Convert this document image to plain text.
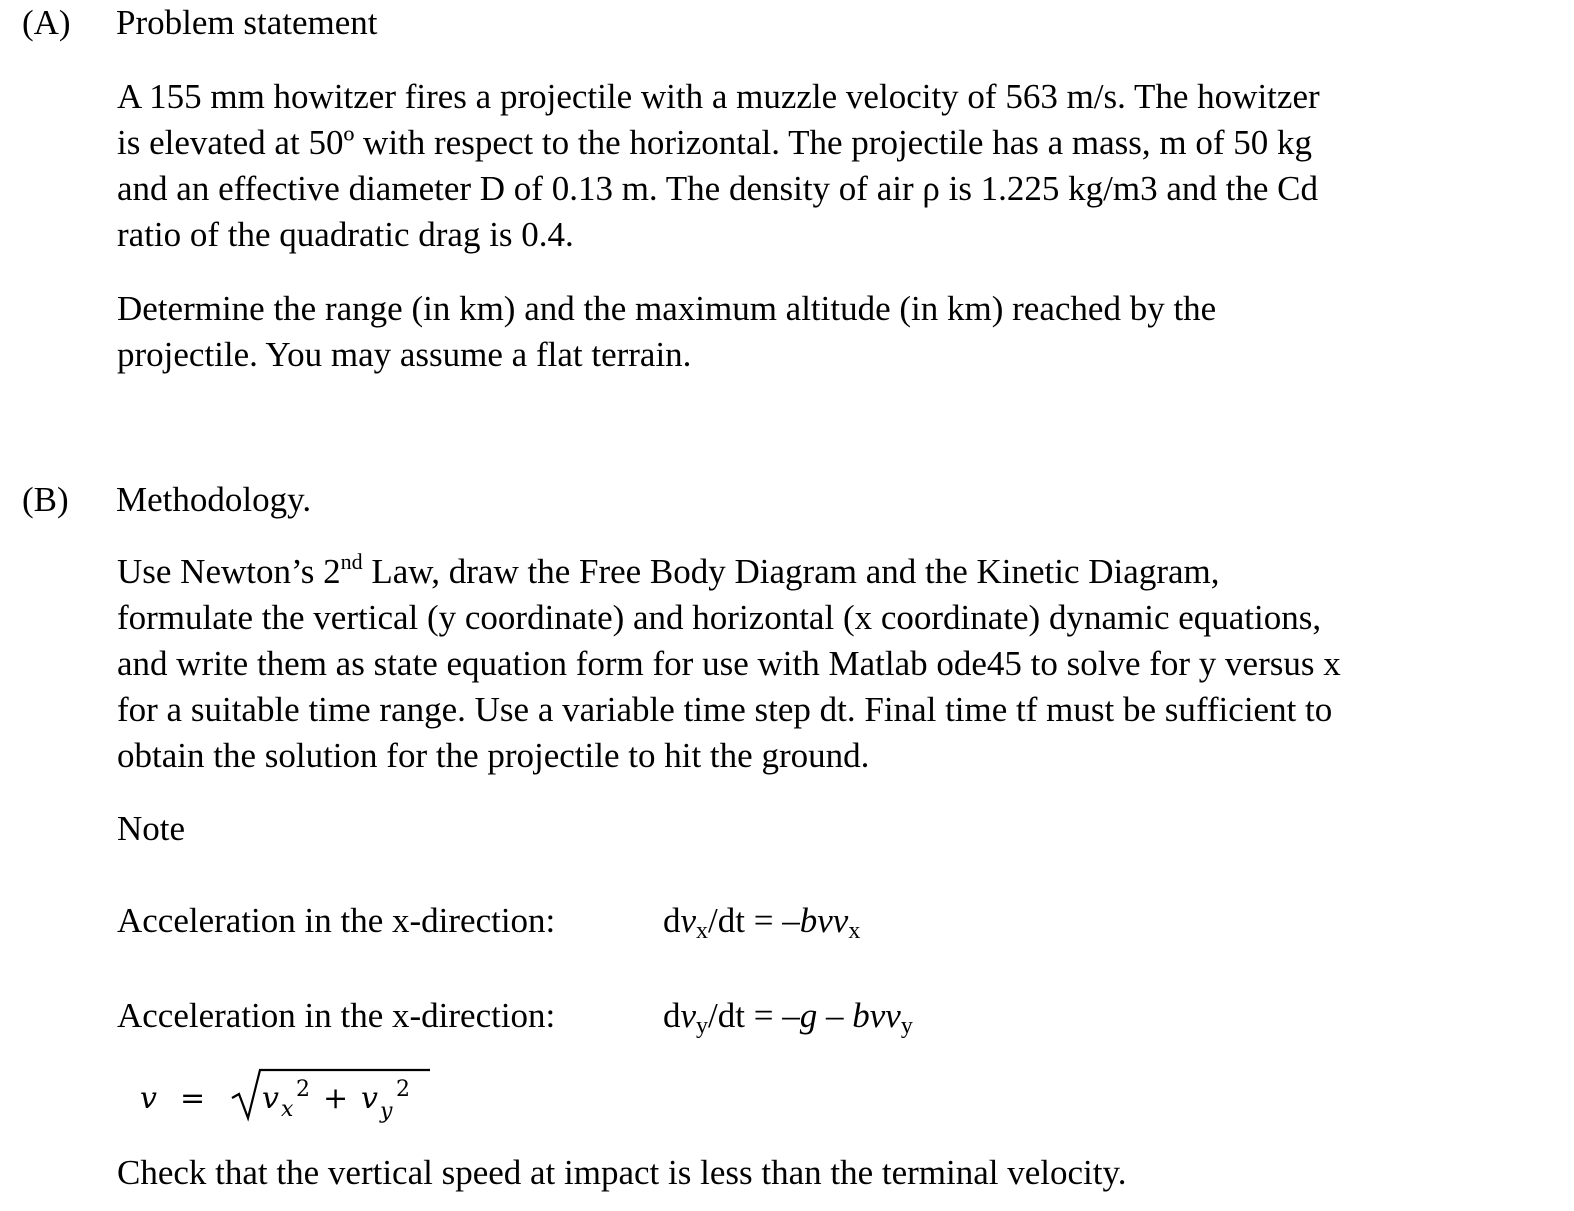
(A) Problem statement
A 155 mm howitzer fires a projectile with a muzzle velocity of 563 m/s. The howitzer
is elevated at 50º with respect to the horizontal. The projectile has a mass, m of 50 kg
and an effective diameter D of 0.13 m. The density of air ρ is 1.225 kg/m3 and the Cd
ratio of the quadratic drag is 0.4.
Determine the range (in km) and the maximum altitude (in km) reached by the
projectile. You may assume a flat terrain.
(B) Methodology.
Use Newton’s 2nd Law, draw the Free Body Diagram and the Kinetic Diagram,
formulate the vertical (y coordinate) and horizontal (x coordinate) dynamic equations,
and write them as state equation form for use with Matlab ode45 to solve for y versus x
for a suitable time range. Use a variable time step dt. Final time tf must be sufficient to
obtain the solution for the projectile to hit the ground.
Note
Acceleration in the x-direction:	$dv_x/dt = -bvv_x$
Acceleration in the x-direction:	$dv_y/dt = -g - bvv_y$
v = v x
2 + v y
2
Check that the vertical speed at impact is less than the terminal velocity.
